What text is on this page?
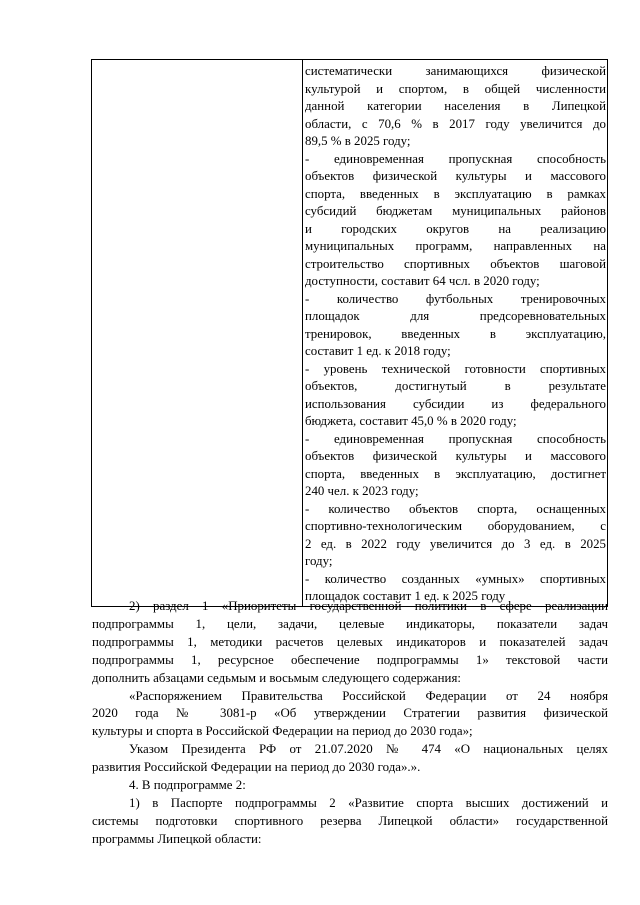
систематически занимающихся физической
культурой и спортом, в общей численности
данной категории населения в Липецкой
области, с 70,6 % в 2017 году увеличится до
89,5 % в 2025 году;
- единовременная пропускная способность
объектов физической культуры и массового
спорта, введенных в эксплуатацию в рамках
субсидий бюджетам муниципальных районов
и городских округов на реализацию
муниципальных программ, направленных на
строительство спортивных объектов шаговой
доступности, составит 64 чсл. в 2020 году;
- количество футбольных тренировочных
площадок для предсоревновательных
тренировок, введенных в эксплуатацию,
составит 1 ед. к 2018 году;
- уровень технической готовности спортивных
объектов, достигнутый в результате
использования субсидии из федерального
бюджета, составит 45,0 % в 2020 году;
- единовременная пропускная способность
объектов физической культуры и массового
спорта, введенных в эксплуатацию, достигнет
240 чел. к 2023 году;
- количество объектов спорта, оснащенных
спортивно-технологическим оборудованием, с
2 ед. в 2022 году увеличится до 3 ед. в 2025
году;
- количество созданных «умных» спортивных
площадок составит 1 ед. к 2025 году
2) раздел 1 «Приоритеты государственной политики в сфере реализации
подпрограммы 1, цели, задачи, целевые индикаторы, показатели задач
подпрограммы 1, методики расчетов целевых индикаторов и показателей задач
подпрограммы 1, ресурсное обеспечение подпрограммы 1» текстовой части
дополнить абзацами седьмым и восьмым следующего содержания:
«Распоряжением Правительства Российской Федерации от 24 ноября
2020 года № 3081-р «Об утверждении Стратегии развития физической
культуры и спорта в Российской Федерации на период до 2030 года»;
Указом Президента РФ от 21.07.2020 № 474 «О национальных целях
развития Российской Федерации на период до 2030 года».».
4. В подпрограмме 2:
1) в Паспорте подпрограммы 2 «Развитие спорта высших достижений и
системы подготовки спортивного резерва Липецкой области» государственной
программы Липецкой области:
